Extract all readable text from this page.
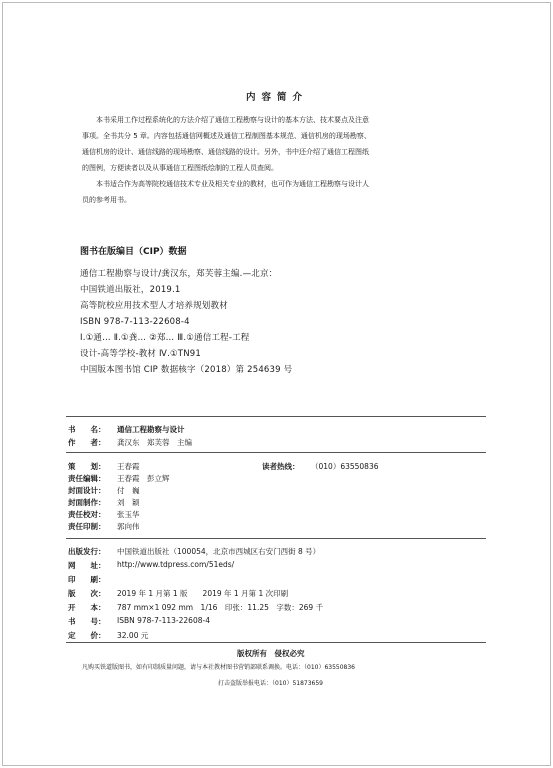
内容简介
本书采用工作过程系统化的方法介绍了通信工程勘察与设计的基本方法、技术要点及注意
事项。全书共分 5 章。内容包括通信网概述及通信工程制图基本规范、通信机房的现场勘察、
通信机房的设计、通信线路的现场勘察、通信线路的设计。另外，书中还介绍了通信工程图纸
的图例，方便读者以及从事通信工程图纸绘制的工程人员查阅。
本书适合作为高等院校通信技术专业及相关专业的教材，也可作为通信工程勘察与设计人
员的参考用书。
图书在版编目（CIP）数据
通信工程勘察与设计/龚汉东，郑芙蓉主编.—北京：
中国铁道出版社，2019.1
高等院校应用技术型人才培养规划教材
ISBN 978-7-113-22608-4
Ⅰ.①通… Ⅱ.①龚… ②郑… Ⅲ.①通信工程-工程
设计-高等学校-教材 Ⅳ.①TN91
中国版本图书馆 CIP 数据核字（2018）第 254639 号
书　　名： 通信工程勘察与设计
作　　者： 龚汉东　郑芙蓉　主编
策　　划： 王春霞	读者热线： （010）63550836
责任编辑： 王春霞　彭立辉
封面设计： 付　巍
封面制作： 刘　颖
责任校对： 张玉华
责任印制： 郭向伟
出版发行： 中国铁道出版社（100054，北京市西城区右安门西街 8 号）
网　　址： http://www.tdpress.com/51eds/
印　　刷：
版　　次： 2019 年 1 月第 1 版　　2019 年 1 月第 1 次印刷
开　　本： 787 mm×1 092 mm　1/16　印张：11.25　字数：269 千
书　　号： ISBN 978-7-113-22608-4
定　　价： 32.00 元
版权所有　侵权必究
凡购买铁道版图书，如有印制质量问题，请与本社教材图书营销部联系调换。电话：（010）63550836
打击盗版举报电话：（010）51873659
